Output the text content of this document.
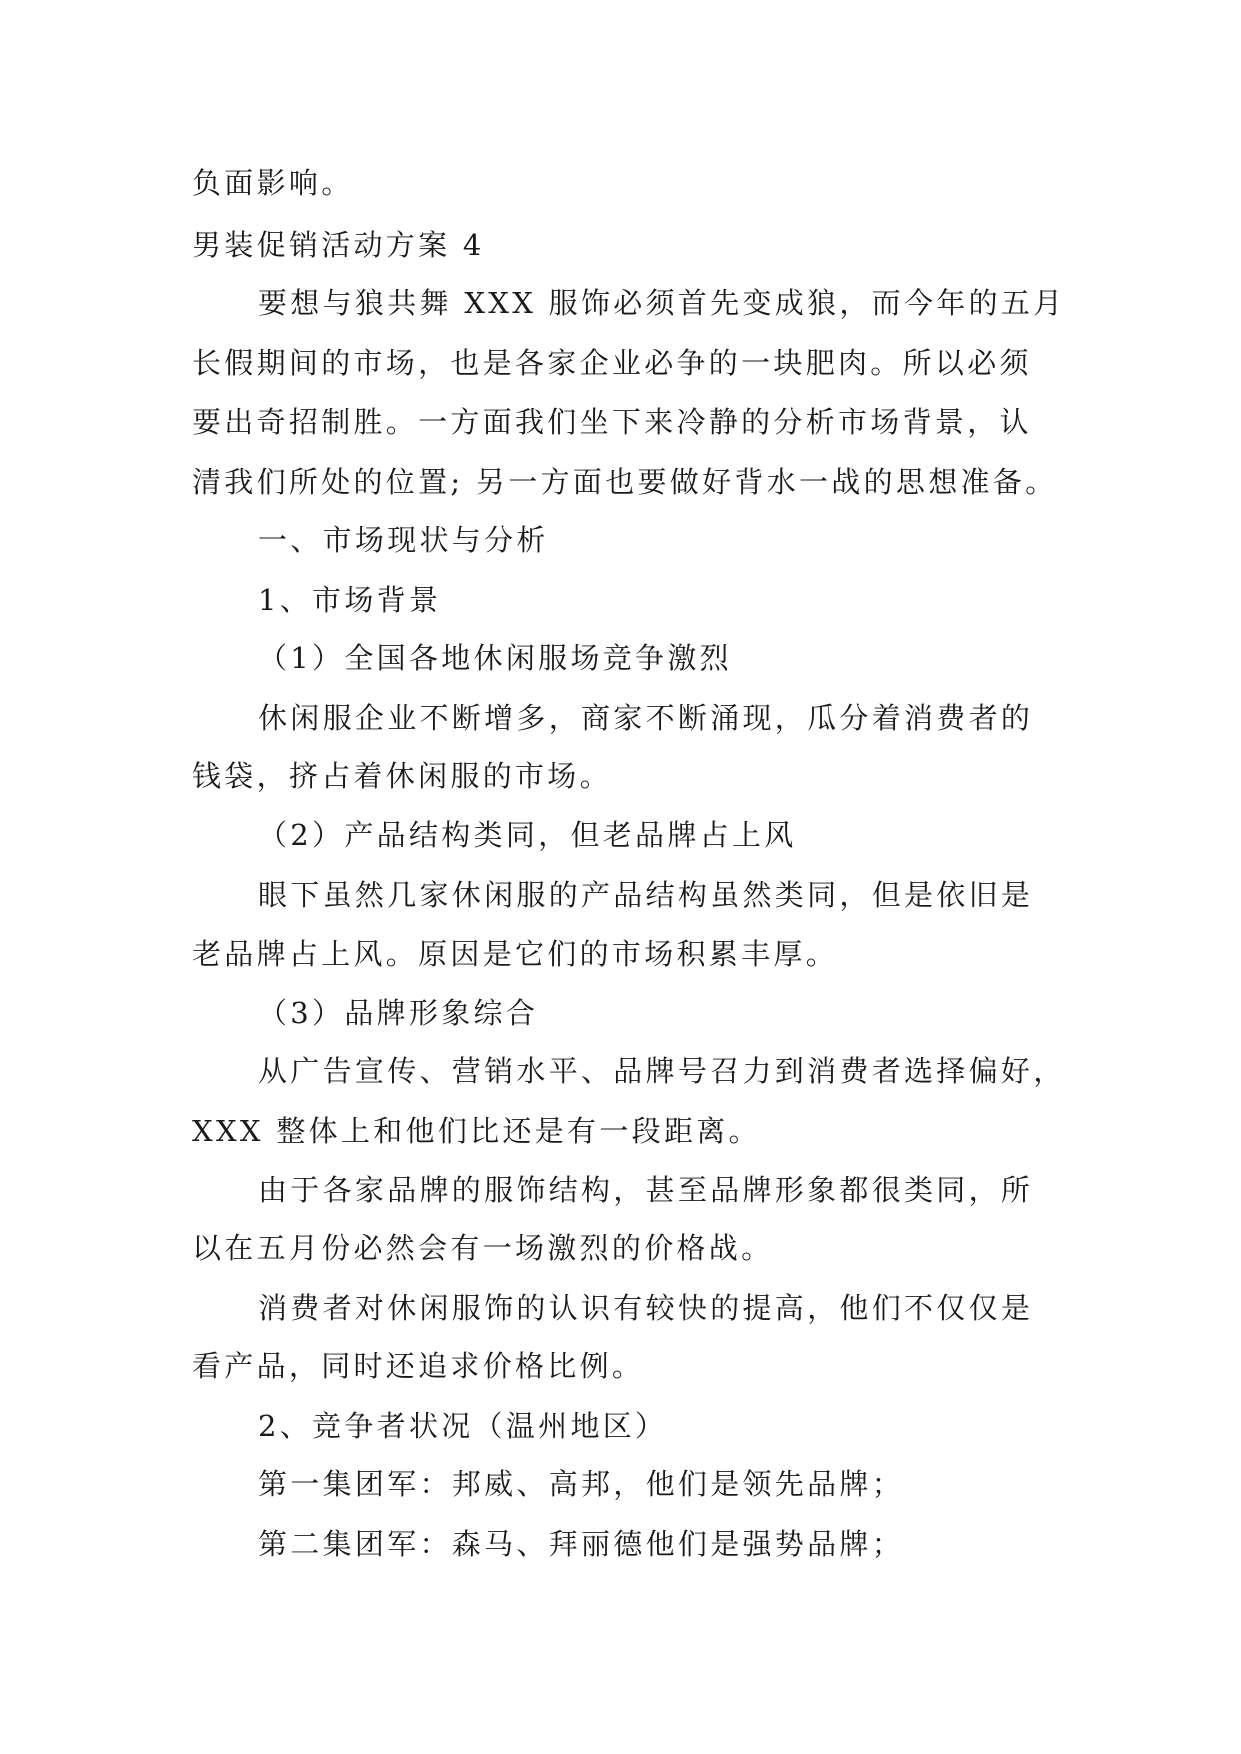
负面影响。
男装促销活动方案 4
要想与狼共舞 XXX 服饰必须首先变成狼，而今年的五月
长假期间的市场，也是各家企业必争的一块肥肉。所以必须
要出奇招制胜。一方面我们坐下来冷静的分析市场背景，认
清我们所处的位置; 另一方面也要做好背水一战的思想准备。
一、市场现状与分析
1、市场背景
（1）全国各地休闲服场竞争激烈
休闲服企业不断增多，商家不断涌现，瓜分着消费者的
钱袋，挤占着休闲服的市场。
（2）产品结构类同，但老品牌占上风
眼下虽然几家休闲服的产品结构虽然类同，但是依旧是
老品牌占上风。原因是它们的市场积累丰厚。
（3）品牌形象综合
从广告宣传、营销水平、品牌号召力到消费者选择偏好，
XXX 整体上和他们比还是有一段距离。
由于各家品牌的服饰结构，甚至品牌形象都很类同，所
以在五月份必然会有一场激烈的价格战。
消费者对休闲服饰的认识有较快的提高，他们不仅仅是
看产品，同时还追求价格比例。
2、竞争者状况（温州地区）
第一集团军：邦威、高邦，他们是领先品牌；
第二集团军：森马、拜丽德他们是强势品牌；
